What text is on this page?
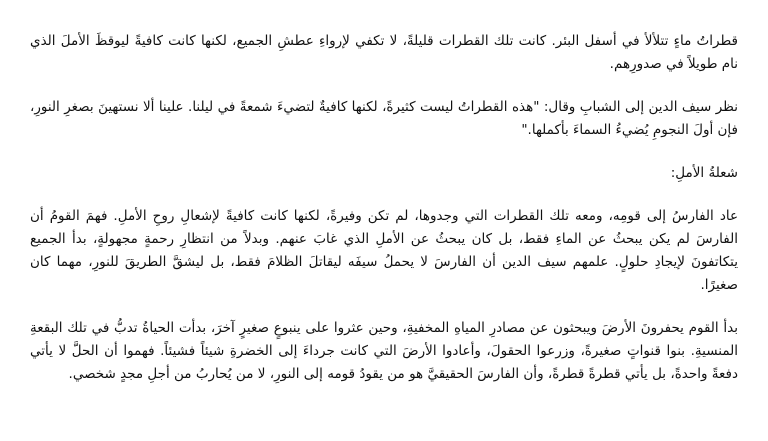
قطراتُ ماءٍ تتلألأ في أسفل البئر. كانت تلك القطرات قليلةً، لا تكفي لإرواءِ عطشِ الجميع، لكنها كانت كافيةً ليوقظَ الأملَ الذي نام طويلاً في صدورِهم.

نظر سيف الدين إلى الشبابِ وقال: "هذه القطراتُ ليست كثيرةً، لكنها كافيةٌ لتضيءَ شمعةً في ليلنا. علينا ألا نستهينَ بصغرِ النورِ، فإن أولَ النجومِ يُضيءُ السماءَ بأكملها."

شعلةُ الأملِ:

عاد الفارسُ إلى قومِه، ومعه تلك القطرات التي وجدوها، لم تكن وفيرةً، لكنها كانت كافيةً لإشعالِ روحِ الأملِ. فهمَ القومُ أن الفارسَ لم يكن يبحثُ عن الماءِ فقط، بل كان يبحثُ عن الأملِ الذي غابَ عنهم. وبدلاً من انتظارِ رحمةٍ مجهولةٍ، بدأ الجميع يتكاتفونَ لإيجادِ حلولٍ. علمهم سيف الدين أن الفارسَ لا يحملُ سيفَه ليقاتلَ الظلامَ فقط، بل ليشقَّ الطريقَ للنورِ، مهما كان صغيرًا.

بدأ القوم يحفرونَ الأرضَ ويبحثون عن مصادرِ المياهِ المخفيةِ، وحين عثروا على ينبوعٍ صغيرٍ آخرَ، بدأت الحياةُ تدبُّ في تلك البقعةِ المنسيةِ. بنوا قنواتٍ صغيرةً، وزرعوا الحقولَ، وأعادوا الأرضَ التي كانت جرداءَ إلى الخضرةِ شيئاً فشيئاً. فهموا أن الحلَّ لا يأتي دفعةً واحدةً، بل يأتي قطرةً قطرةً، وأن الفارسَ الحقيقيَّ هو من يقودُ قومه إلى النورِ، لا من يُحاربُ من أجلِ مجدٍ شخصي.
